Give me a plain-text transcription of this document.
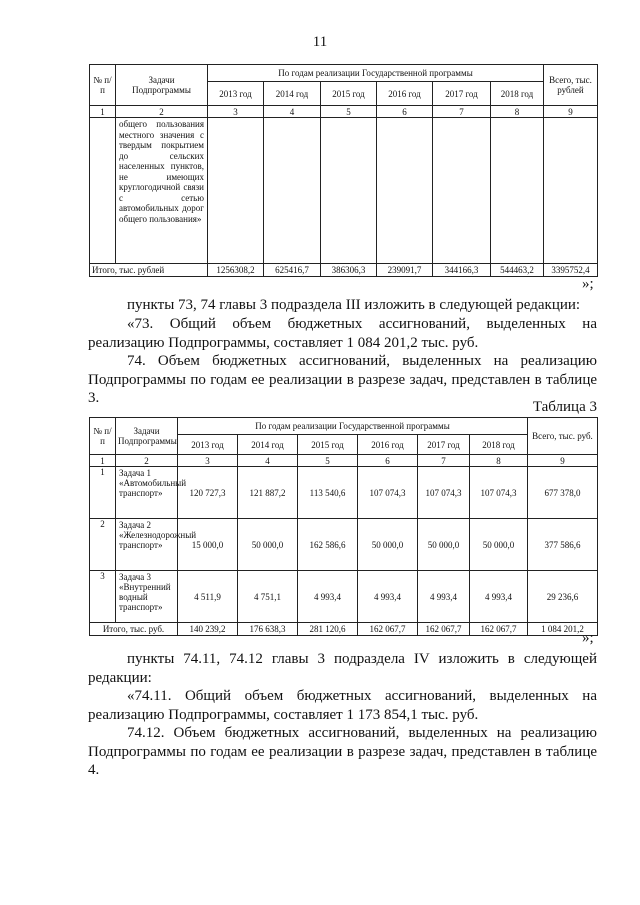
11
№ п/п	Задачи Подпрограммы	По годам реализации Государственной программы						Всего, тыс. рублей
		2013 год	2014 год	2015 год	2016 год	2017 год	2018 год	
1	2	3	4	5	6	7	8	9
	общего пользования местного значения с твердым покрытием до сельских населенных пунктов, не имеющих круглогодичной связи с сетью автомобильных дорог общего пользования»							
Итого, тыс. рублей		1256308,2	625416,7	386306,3	239091,7	344166,3	544463,2	3395752,4
»;
пункты 73, 74 главы 3 подраздела III изложить в следующей редакции:
«73. Общий объем бюджетных ассигнований, выделенных на реализацию Подпрограммы, составляет 1 084 201,2 тыс. руб.
74. Объем бюджетных ассигнований, выделенных на реализацию Подпрограммы по годам ее реализации в разрезе задач, представлен в таблице 3.
Таблица 3
№ п/п	Задачи Подпрограммы	По годам реализации Государственной программы						Всего, тыс. руб.
		2013 год	2014 год	2015 год	2016 год	2017 год	2018 год	
1	2	3	4	5	6	7	8	9
1	Задача 1 «Автомобильный транспорт»	120 727,3	121 887,2	113 540,6	107 074,3	107 074,3	107 074,3	677 378,0
2	Задача 2 «Железнодорожный транспорт»	15 000,0	50 000,0	162 586,6	50 000,0	50 000,0	50 000,0	377 586,6
3	Задача 3 «Внутренний водный транспорт»	4 511,9	4 751,1	4 993,4	4 993,4	4 993,4	4 993,4	29 236,6
Итого, тыс. руб.		140 239,2	176 638,3	281 120,6	162 067,7	162 067,7	162 067,7	1 084 201,2
»;
пункты 74.11, 74.12 главы 3 подраздела IV изложить в следующей редакции:
«74.11. Общий объем бюджетных ассигнований, выделенных на реализацию Подпрограммы, составляет 1 173 854,1 тыс. руб.
74.12. Объем бюджетных ассигнований, выделенных на реализацию Подпрограммы по годам ее реализации в разрезе задач, представлен в таблице 4.
